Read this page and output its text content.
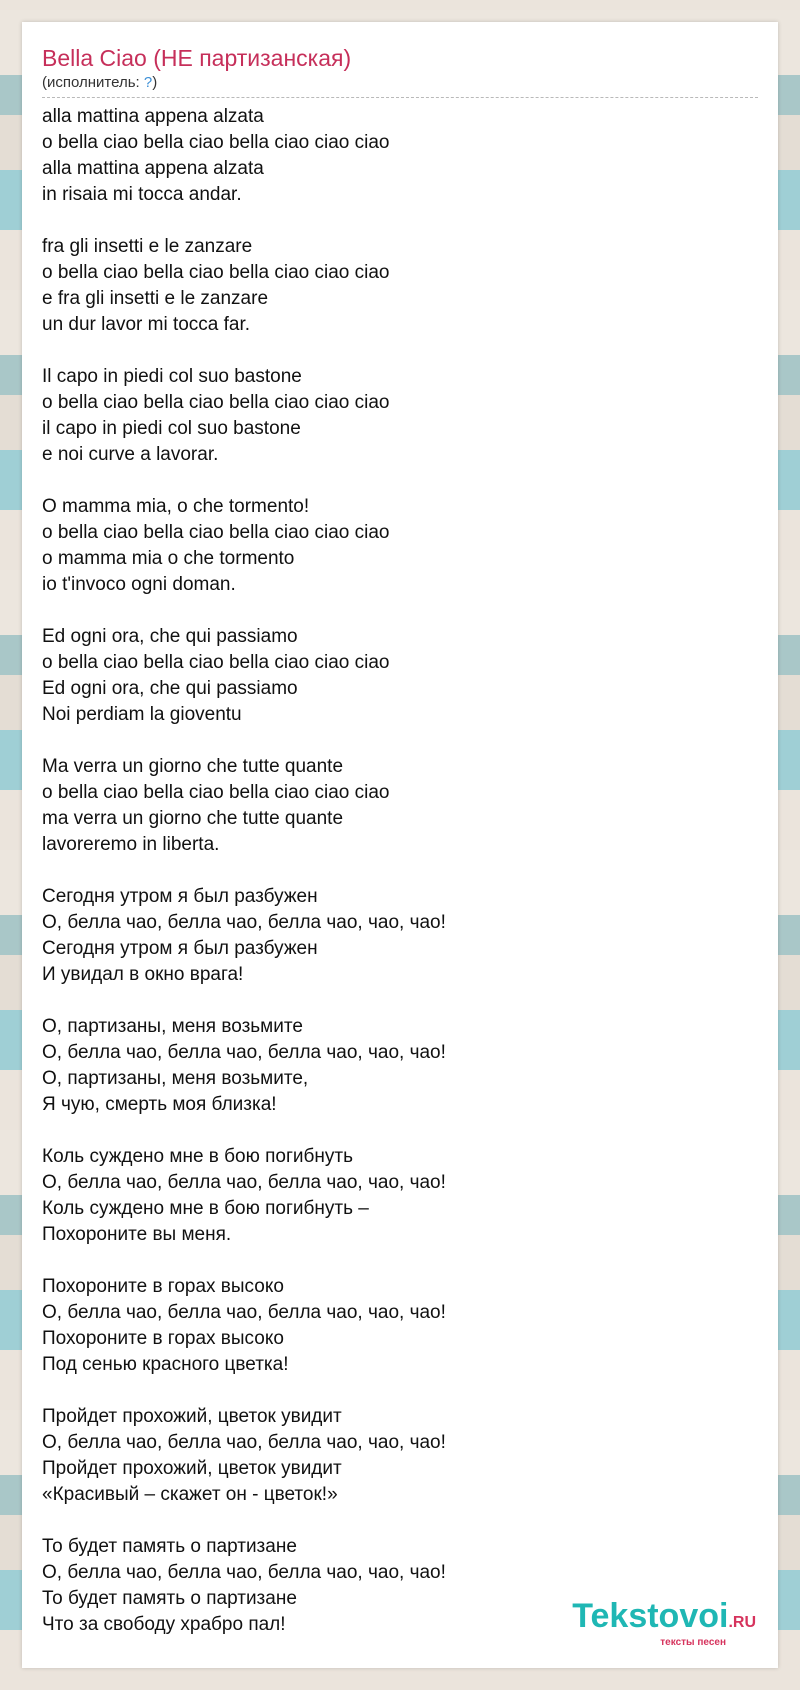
Bella Ciao (НЕ партизанская)
(исполнитель: ?)
alla mattina appena alzata
o bella ciao bella ciao bella ciao ciao ciao
alla mattina appena alzata
in risaia mi tocca andar.
fra gli insetti e le zanzare
o bella ciao bella ciao bella ciao ciao ciao
e fra gli insetti e le zanzare
un dur lavor mi tocca far.
Il capo in piedi col suo bastone
o bella ciao bella ciao bella ciao ciao ciao
il capo in piedi col suo bastone
e noi curve a lavorar.
O mamma mia, o che tormento!
o bella ciao bella ciao bella ciao ciao ciao
o mamma mia o che tormento
io t'invoco ogni doman.
Ed ogni ora, che qui passiamo
o bella ciao bella ciao bella ciao ciao ciao
Ed ogni ora, che qui passiamo
Noi perdiam la gioventu
Ma verra un giorno che tutte quante
o bella ciao bella ciao bella ciao ciao ciao
ma verra un giorno che tutte quante
lavoreremo in liberta.
Сегодня утром я был разбужен
О, белла чао, белла чао, белла чао, чао, чао!
Сегодня утром я был разбужен
И увидал в окно врага!
О, партизаны, меня возьмите
О, белла чао, белла чао, белла чао, чао, чао!
О, партизаны, меня возьмите,
Я чую, смерть моя близка!
Коль суждено мне в бою погибнуть
О, белла чао, белла чао, белла чао, чао, чао!
Коль суждено мне в бою погибнуть –
Похороните вы меня.
Похороните в горах высоко
О, белла чао, белла чао, белла чао, чао, чао!
Похороните в горах высоко
Под сенью красного цветка!
Пройдет прохожий, цветок увидит
О, белла чао, белла чао, белла чао, чао, чао!
Пройдет прохожий, цветок увидит
«Красивый – скажет он - цветок!»
То будет память о партизане
О, белла чао, белла чао, белла чао, чао, чао!
То будет память о партизане
Что за свободу храбро пал!	Tekstovoi.RU
тексты песен
